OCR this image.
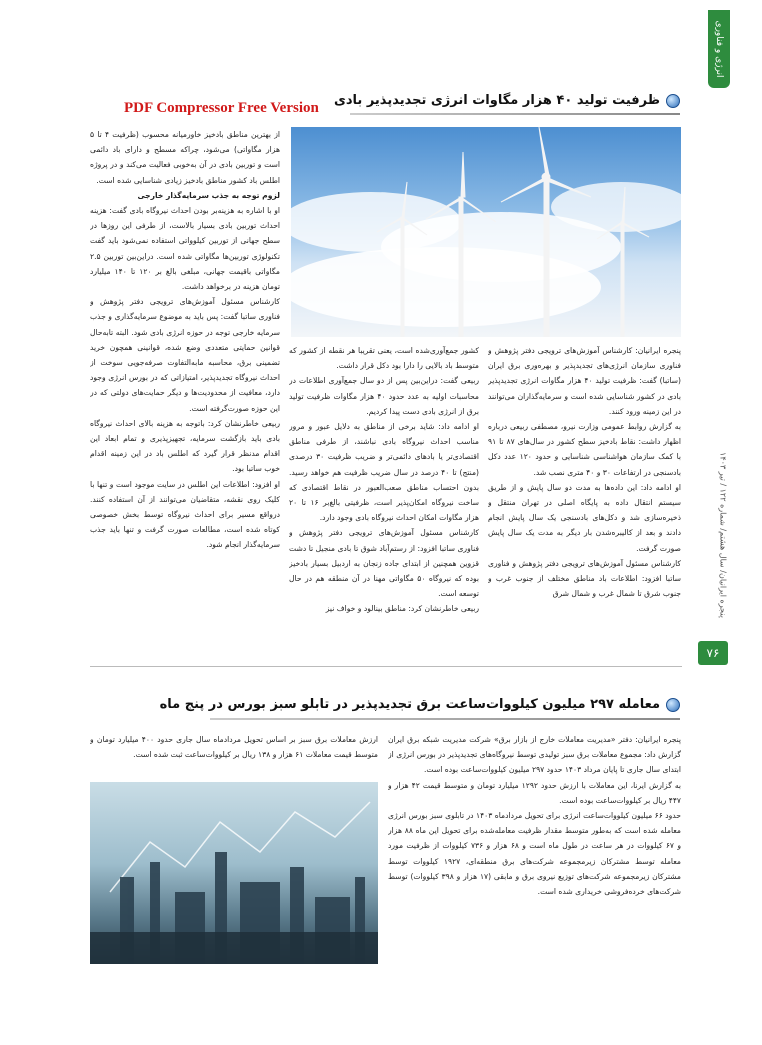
PDF Compressor Free Version
انرژی و فناوری
پنجره ایرانیان/ سال هشتم/ شماره ۱۲۲ / تیر ۱۴۰۳
۷۶
ظرفیت تولید ۴۰ هزار مگاوات انرژی تجدیدپذیر بادی

پنجره ایرانیان: کارشناس آموزش‌های ترویجی دفتر پژوهش و فناوری سازمان انرژی‌های تجدیدپذیر و بهره‌وری برق ایران (ساتبا) گفت: ظرفیت تولید ۴۰ هزار مگاوات انرژی تجدیدپذیر بادی در کشور شناسایی شده است و سرمایه‌گذاران می‌توانند در این زمینه ورود کنند.

به گزارش روابط عمومی وزارت نیرو، مصطفی ربیعی درباره اظهار داشت: نقاط بادخیز سطح کشور در سال‌های ۸۷ تا ۹۱ با کمک سازمان هواشناسی شناسایی و حدود ۱۲۰ عدد دکل بادسنجی در ارتفاعات ۳۰ و ۴۰ متری نصب شد.

او ادامه داد: این داده‌ها به مدت دو سال پایش و از طریق سیستم انتقال داده به پایگاه اصلی در تهران منتقل و ذخیره‌سازی شد و دکل‌های بادسنجی یک سال پایش انجام دادند و بعد از کالیبره‌شدن بار دیگر به مدت یک سال پایش صورت گرفت.

کارشناس مسئول آموزش‌های ترویجی دفتر پژوهش و فناوری ساتبا افزود: اطلاعات باد مناطق مختلف از جنوب غرب و جنوب شرق تا شمال غرب و شمال شرق

کشور جمع‌آوری‌شده است، یعنی تقریبا هر نقطه از کشور که متوسط باد بالایی را دارا بود دکل قرار داشت.

ربیعی گفت: دراین‌بین پس از دو سال جمع‌آوری اطلاعات در محاسبات اولیه به عدد حدود ۴۰ هزار مگاوات ظرفیت تولید برق از انرژی بادی دست پیدا کردیم.

او ادامه داد: شاید برخی از مناطق به دلایل عبور و مرور مناسب احداث نیروگاه بادی نباشند، از طرفی مناطق اقتصادی‌تر یا بادهای دائمی‌تر و ضریب ظرفیت ۳۰ درصدی (منتج) تا ۴۰ درصد در سال ضریب ظرفیت هم خواهد رسید. بدون احتساب مناطق صعب‌العبور در نقاط اقتصادی که ساخت نیروگاه امکان‌پذیر است، ظرفیتی بالغ‌بر ۱۶ تا ۲۰ هزار مگاوات امکان احداث نیروگاه بادی وجود دارد.

کارشناس مسئول آموزش‌های ترویجی دفتر پژوهش و فناوری ساتبا افزود: از رستم‌آباد شوق تا بادی منجیل تا دشت قزوین همچنین از ابتدای جاده زنجان به اردبیل بسیار بادخیز بوده که نیروگاه ۵۰ مگاواتی مهنا در آن منطقه هم در حال توسعه است.

ربیعی خاطرنشان کرد: مناطق بینالود و خواف نیز

از بهترین مناطق بادخیز خاورمیانه محسوب (ظرفیت ۴ تا ۵ هزار مگاواتی) می‌شود، چراکه مسطح و دارای باد دائمی است و توربین بادی در آن به‌خوبی فعالیت می‌کند و در پروژه اطلس باد کشور مناطق بادخیز زیادی شناسایی شده است.

لزوم توجه به جذب سرمایه‌گذار خارجی

او با اشاره به هزینه‌بر بودن احداث نیروگاه بادی گفت: هزینه احداث توربین بادی بسیار بالاست، از طرفی این روزها در سطح جهانی از توربین کیلوواتی استفاده نمی‌شود باید گفت تکنولوژی توربین‌ها مگاواتی شده است. دراین‌بین توربین ۲.۵ مگاواتی باقیمت جهانی، مبلغی بالغ بر ۱۲۰ تا ۱۴۰ میلیارد تومان هزینه در برخواهد داشت.

کارشناس مسئول آموزش‌های ترویجی دفتر پژوهش و فناوری ساتبا گفت: پس باید به موضوع سرمایه‌گذاری و جذب سرمایه خارجی توجه در حوزه انرژی بادی شود. البته تابه‌حال قوانین حمایتی متعددی وضع شده، قوانینی همچون خرید تضمینی برق، محاسبه مابه‌التفاوت صرفه‌جویی سوخت از احداث نیروگاه تجدیدپذیر، امتیازاتی که در بورس انرژی وجود دارد، معافیت از محدودیت‌ها و دیگر حمایت‌های دولتی که در این حوزه صورت‌گرفته است.

ربیعی خاطرنشان کرد: باتوجه به هزینه بالای احداث نیروگاه بادی باید بازگشت سرمایه، تجهیزپذیری و تمام ابعاد این اقدام مدنظر قرار گیرد که اطلس باد در این زمینه اقدام خوب ساتبا بود.

او افزود: اطلاعات این اطلس در سایت موجود است و تنها با کلیک روی نقشه، متقاضیان می‌توانند از آن استفاده کنند. درواقع مسیر برای احداث نیروگاه توسط بخش خصوصی کوتاه شده است، مطالعات صورت گرفت و تنها باید جذب سرمایه‌گذار انجام شود.

معامله ۲۹۷ میلیون کیلووات‌ساعت برق تجدیدپذیر در تابلو سبز بورس در پنج ماه

پنجره ایرانیان: دفتر «مدیریت معاملات خارج از بازار برق» شرکت مدیریت شبکه برق ایران گزارش داد: مجموع معاملات برق سبز تولیدی توسط نیروگاه‌های تجدیدپذیر در بورس انرژی از ابتدای سال جاری تا پایان مرداد ۱۴۰۳ حدود ۲۹۷ میلیون کیلووات‌ساعت بوده است.

به گزارش ایرنا، این معاملات با ارزش حدود ۱۲۹۲ میلیارد تومان و متوسط قیمت ۴۲ هزار و ۴۴۷ ریال بر کیلووات‌ساعت بوده است.

حدود ۶۶ میلیون کیلووات‌ساعت انرژی برای تحویل مردادماه ۱۴۰۳ در تابلوی سبز بورس انرژی معامله شده است که به‌طور متوسط مقدار ظرفیت معامله‌شده برای تحویل این ماه ۸۸ هزار و ۶۷ کیلووات در هر ساعت در طول ماه است و ۶۸ هزار و ۷۳۶ کیلووات از ظرفیت مورد معامله توسط مشترکان زیرمجموعه شرکت‌های برق منطقه‌ای، ۱۹۲۷ کیلووات توسط مشترکان زیرمجموعه شرکت‌های توزیع نیروی برق و مابقی (۱۷ هزار و ۳۹۸ کیلووات) توسط شرکت‌های خرده‌فروشی خریداری شده است.

ارزش معاملات برق سبز بر اساس تحویل مردادماه سال جاری حدود ۴۰۰ میلیارد تومان و متوسط قیمت معاملات ۶۱ هزار و ۱۳۸ ریال بر کیلووات‌ساعت ثبت شده است.
